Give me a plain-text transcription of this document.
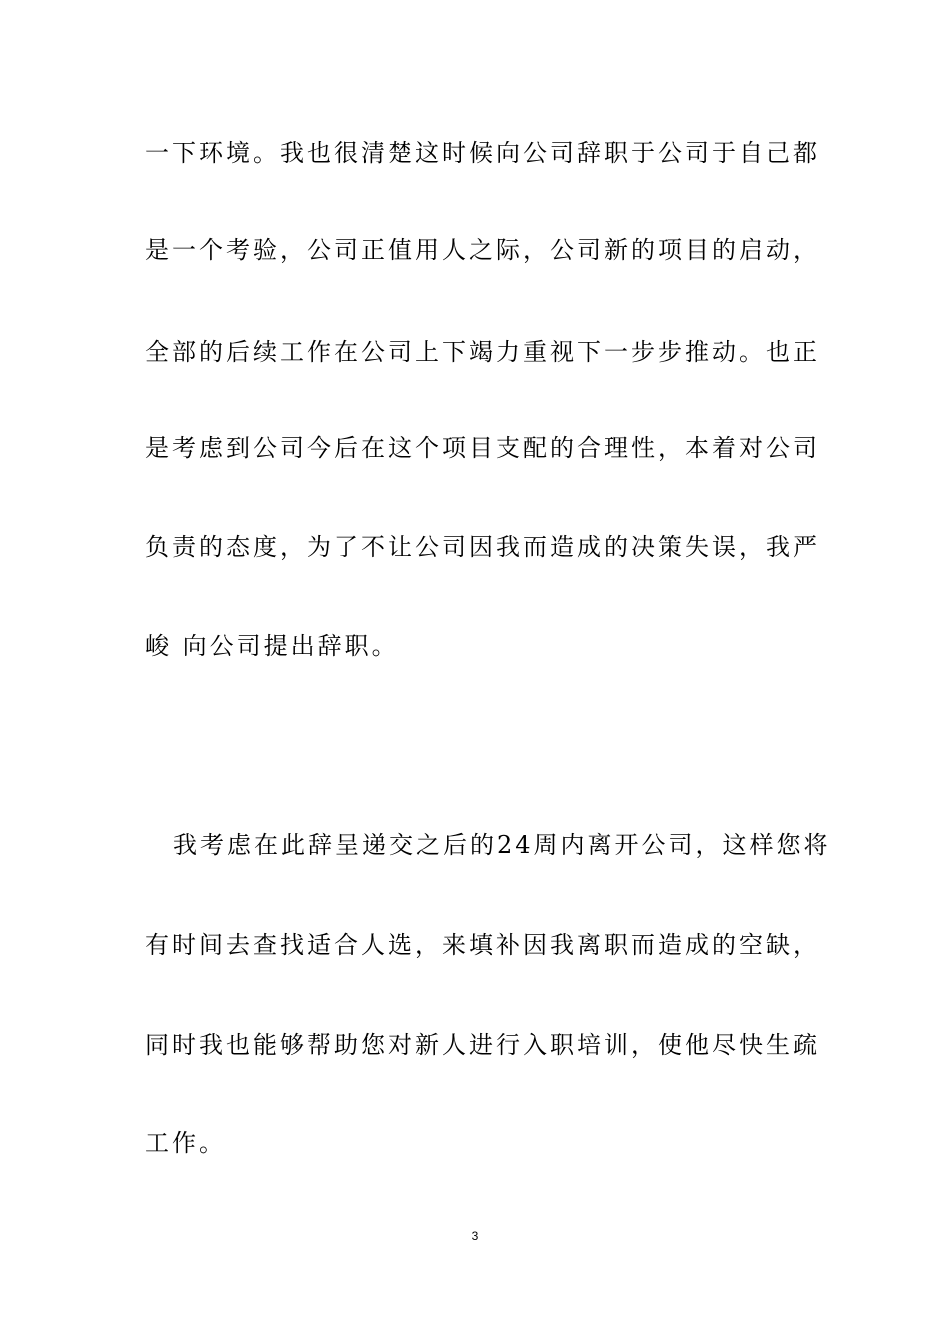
一下环境。我也很清楚这时候向公司辞职于公司于自己都
是一个考验，公司正值用人之际，公司新的项目的启动，
全部的后续工作在公司上下竭力重视下一步步推动。也正
是考虑到公司今后在这个项目支配的合理性，本着对公司
负责的态度，为了不让公司因我而造成的决策失误，我严
峻 向公司提出辞职。
我考虑在此辞呈递交之后的24周内离开公司，这样您将
有时间去查找适合人选，来填补因我离职而造成的空缺，
同时我也能够帮助您对新人进行入职培训，使他尽快生疏
工作。
3
